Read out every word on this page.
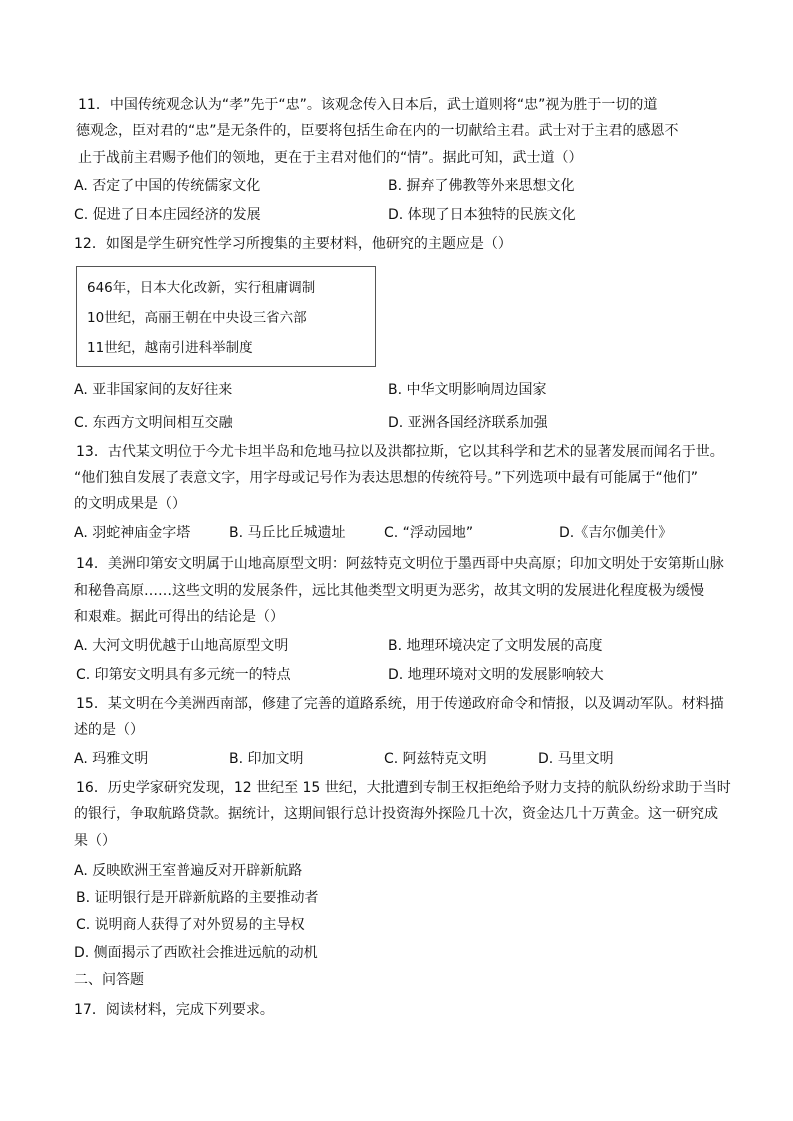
11．中国传统观念认为“孝”先于“忠”。该观念传入日本后，武士道则将“忠”视为胜于一切的道
德观念，臣对君的“忠”是无条件的，臣要将包括生命在内的一切献给主君。武士对于主君的感恩不
止于战前主君赐予他们的领地，更在于主君对他们的“情”。据此可知，武士道（）
A. 否定了中国的传统儒家文化	B. 摒弃了佛教等外来思想文化
C. 促进了日本庄园经济的发展	D. 体现了日本独特的民族文化
12．如图是学生研究性学习所搜集的主要材料，他研究的主题应是（）
646年，日本大化改新，实行租庸调制
10世纪，高丽王朝在中央设三省六部
11世纪，越南引进科举制度
A. 亚非国家间的友好往来	B. 中华文明影响周边国家
C. 东西方文明间相互交融	D. 亚洲各国经济联系加强
13．古代某文明位于今尤卡坦半岛和危地马拉以及洪都拉斯，它以其科学和艺术的显著发展而闻名于世。
“他们独自发展了表意文字，用字母或记号作为表达思想的传统符号。”下列选项中最有可能属于“他们”
的文明成果是（）
A. 羽蛇神庙金字塔	B. 马丘比丘城遗址	C. “浮动园地”	D.《吉尔伽美什》
14．美洲印第安文明属于山地高原型文明：阿兹特克文明位于墨西哥中央高原；印加文明处于安第斯山脉
和秘鲁高原……这些文明的发展条件，远比其他类型文明更为恶劣，故其文明的发展进化程度极为缓慢
和艰难。据此可得出的结论是（）
A. 大河文明优越于山地高原型文明	B. 地理环境决定了文明发展的高度
C. 印第安文明具有多元统一的特点	D. 地理环境对文明的发展影响较大
15．某文明在今美洲西南部，修建了完善的道路系统，用于传递政府命令和情报，以及调动军队。材料描
述的是（）
A. 玛雅文明	B. 印加文明	C. 阿兹特克文明	D. 马里文明
16．历史学家研究发现，12 世纪至 15 世纪，大批遭到专制王权拒绝给予财力支持的航队纷纷求助于当时
的银行，争取航路贷款。据统计，这期间银行总计投资海外探险几十次，资金达几十万黄金。这一研究成
果（）
A. 反映欧洲王室普遍反对开辟新航路
B. 证明银行是开辟新航路的主要推动者
C. 说明商人获得了对外贸易的主导权
D. 侧面揭示了西欧社会推进远航的动机
二、问答题
17．阅读材料，完成下列要求。
